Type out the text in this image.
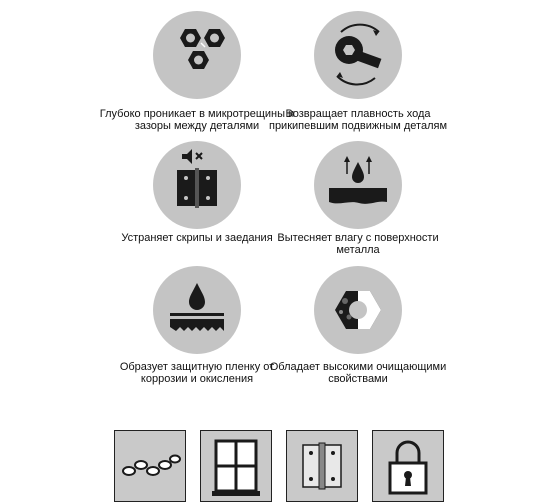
Глубоко проникает в микротрещины и зазоры между деталями
Возвращает плавность хода прикипевшим подвижным деталям
Устраняет скрипы и заедания Вытесняет влагу с поверхности металла
Образует защитную пленку от коррозии и окисления
Обладает высокими очищающими свойствами
